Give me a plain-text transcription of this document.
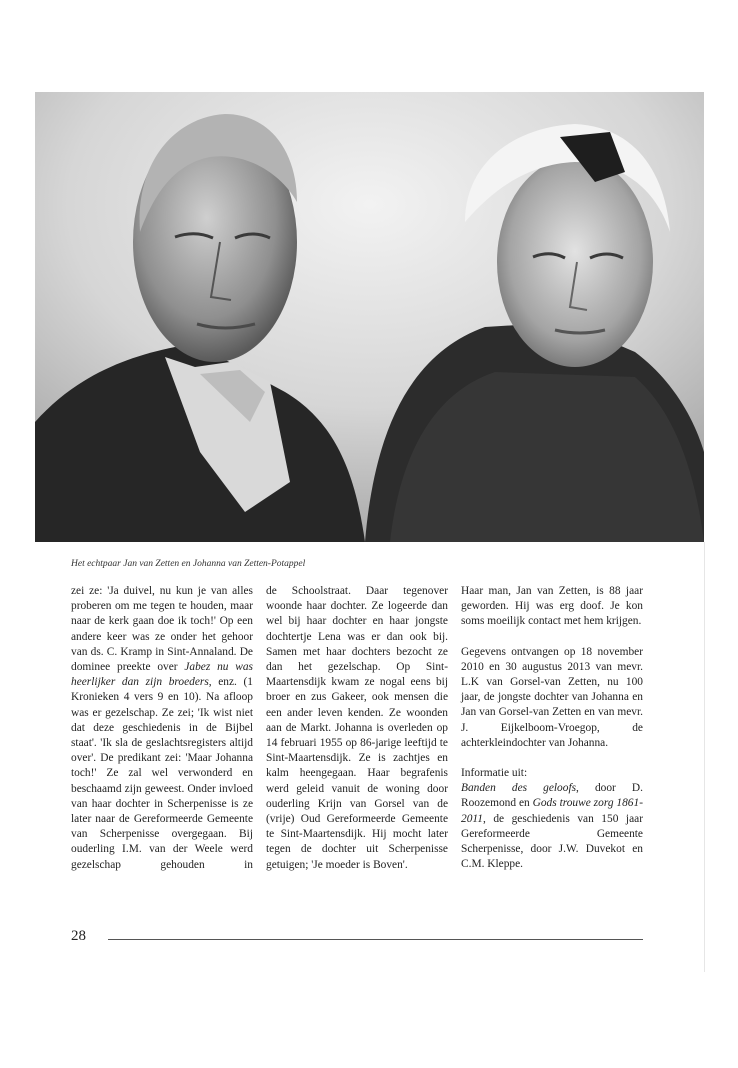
Het echtpaar Jan van Zetten en Johanna van Zetten-Potappel

zei ze: 'Ja duivel, nu kun je van alles proberen om me tegen te houden, maar naar de kerk gaan doe ik toch!' Op een andere keer was ze onder het gehoor van ds. C. Kramp in Sint-Annaland. De dominee preekte over Jabez nu was heerlijker dan zijn broeders, enz. (1 Kronieken 4 vers 9 en 10). Na afloop was er gezelschap. Ze zei; 'Ik wist niet dat deze geschiedenis in de Bijbel staat'. 'Ik sla de geslachtsregisters altijd over'. De predikant zei: 'Maar Johanna toch!' Ze zal wel verwonderd en beschaamd zijn geweest. Onder invloed van haar dochter in Scherpenisse is ze later naar de Gereformeerde Gemeente van Scherpenisse overgegaan. Bij ouderling I.M. van der Weele werd gezelschap gehouden in

de Schoolstraat. Daar tegenover woonde haar dochter. Ze logeerde dan wel bij haar dochter en haar jongste dochtertje Lena was er dan ook bij. Samen met haar dochters bezocht ze dan het gezelschap. Op Sint-Maartensdijk kwam ze nogal eens bij broer en zus Gakeer, ook mensen die een ander leven kenden. Ze woonden aan de Markt. Johanna is overleden op 14 februari 1955 op 86-jarige leeftijd te Sint-Maartensdijk. Ze is zachtjes en kalm heengegaan. Haar begrafenis werd geleid vanuit de woning door ouderling Krijn van Gorsel van de (vrije) Oud Gereformeerde Gemeente te Sint-Maartensdijk. Hij mocht later tegen de dochter uit Scherpenisse getuigen; 'Je moeder is Boven'.

Haar man, Jan van Zetten, is 88 jaar geworden. Hij was erg doof. Je kon soms moeilijk contact met hem krijgen.

Gegevens ontvangen op 18 november 2010 en 30 augustus 2013 van mevr. L.K van Gorsel-van Zetten, nu 100 jaar, de jongste dochter van Johanna en Jan van Gorsel-van Zetten en van mevr. J. Eijkelboom-Vroegop, de achterkleindochter van Johanna.

Informatie uit:

Banden des geloofs, door D. Roozemond en Gods trouwe zorg 1861-2011, de geschiedenis van 150 jaar Gereformeerde Gemeente Scherpenisse, door J.W. Duvekot en C.M. Kleppe.

28
